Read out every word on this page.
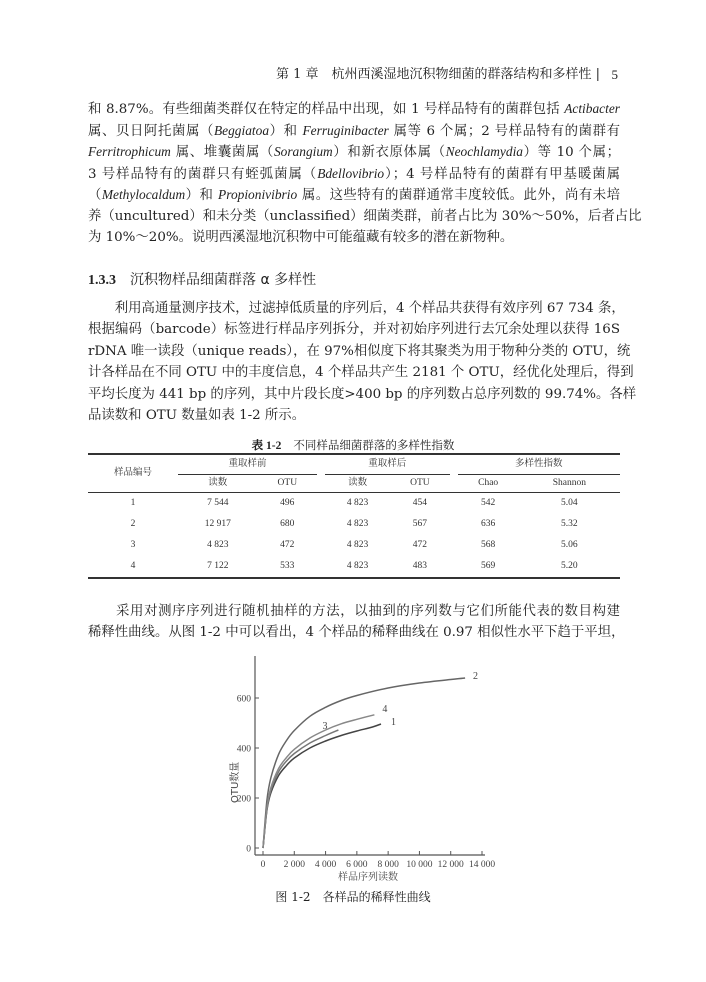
第 1 章　杭州西溪湿地沉积物细菌的群落结构和多样性 | 5
和 8.87%。有些细菌类群仅在特定的样品中出现，如 1 号样品特有的菌群包括 Actibacter
属、贝日阿托菌属（Beggiatoa）和 Ferruginibacter 属等 6 个属；2 号样品特有的菌群有
Ferritrophicum 属、堆囊菌属（Sorangium）和新衣原体属（Neochlamydia）等 10 个属；
3 号样品特有的菌群只有蛭弧菌属（Bdellovibrio）；4 号样品特有的菌群有甲基暖菌属
（Methylocaldum）和 Propionivibrio 属。这些特有的菌群通常丰度较低。此外，尚有未培
养（uncultured）和未分类（unclassified）细菌类群，前者占比为 30%～50%，后者占比
为 10%～20%。说明西溪湿地沉积物中可能蕴藏有较多的潜在新物种。
1.3.3 沉积物样品细菌群落 α 多样性
　　利用高通量测序技术，过滤掉低质量的序列后，4 个样品共获得有效序列 67 734 条，
根据编码（barcode）标签进行样品序列拆分，并对初始序列进行去冗余处理以获得 16S
rDNA 唯一读段（unique reads），在 97%相似度下将其聚类为用于物种分类的 OTU，统
计各样品在不同 OTU 中的丰度信息，4 个样品共产生 2181 个 OTU，经优化处理后，得到
平均长度为 441 bp 的序列，其中片段长度>400 bp 的序列数占总序列数的 99.74%。各样
品读数和 OTU 数量如表 1-2 所示。
表 1-2 不同样品细菌群落的多样性指数
样品编号	重取样前			重取样后			多样性指数	
	读数	OTU		读数	OTU		Chao	Shannon
1	7 544	496		4 823	454		542	5.04
2	12 917	680		4 823	567		636	5.32
3	4 823	472		4 823	472		568	5.06
4	7 122	533		4 823	483		569	5.20
　　采用对测序序列进行随机抽样的方法，以抽到的序列数与它们所能代表的数目构建
稀释性曲线。从图 1-2 中可以看出，4 个样品的稀释曲线在 0.97 相似性水平下趋于平坦，
0
200
400
600
0 2 000 4 000 6 000 8 000 10 000 12 000 14 000
1
2
3
4
样品序列读数
OTU数量
图 1-2 各样品的稀释性曲线
